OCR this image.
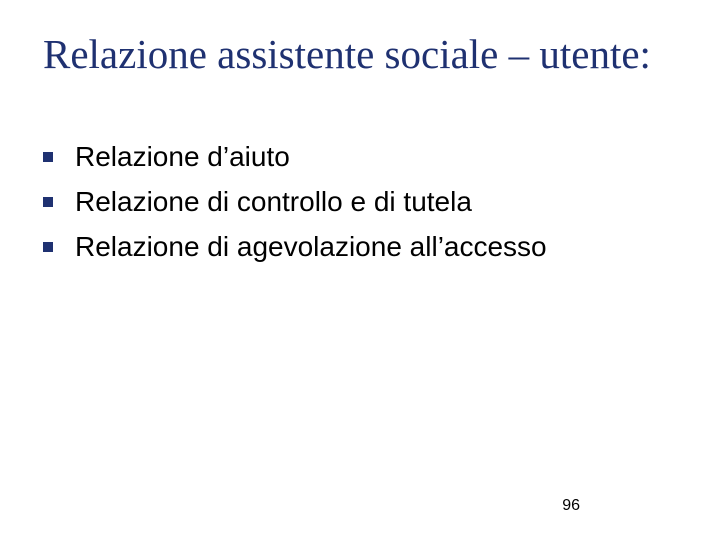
Relazione assistente sociale – utente:
Relazione d’aiuto
Relazione di controllo e di tutela
Relazione di agevolazione all’accesso
96
